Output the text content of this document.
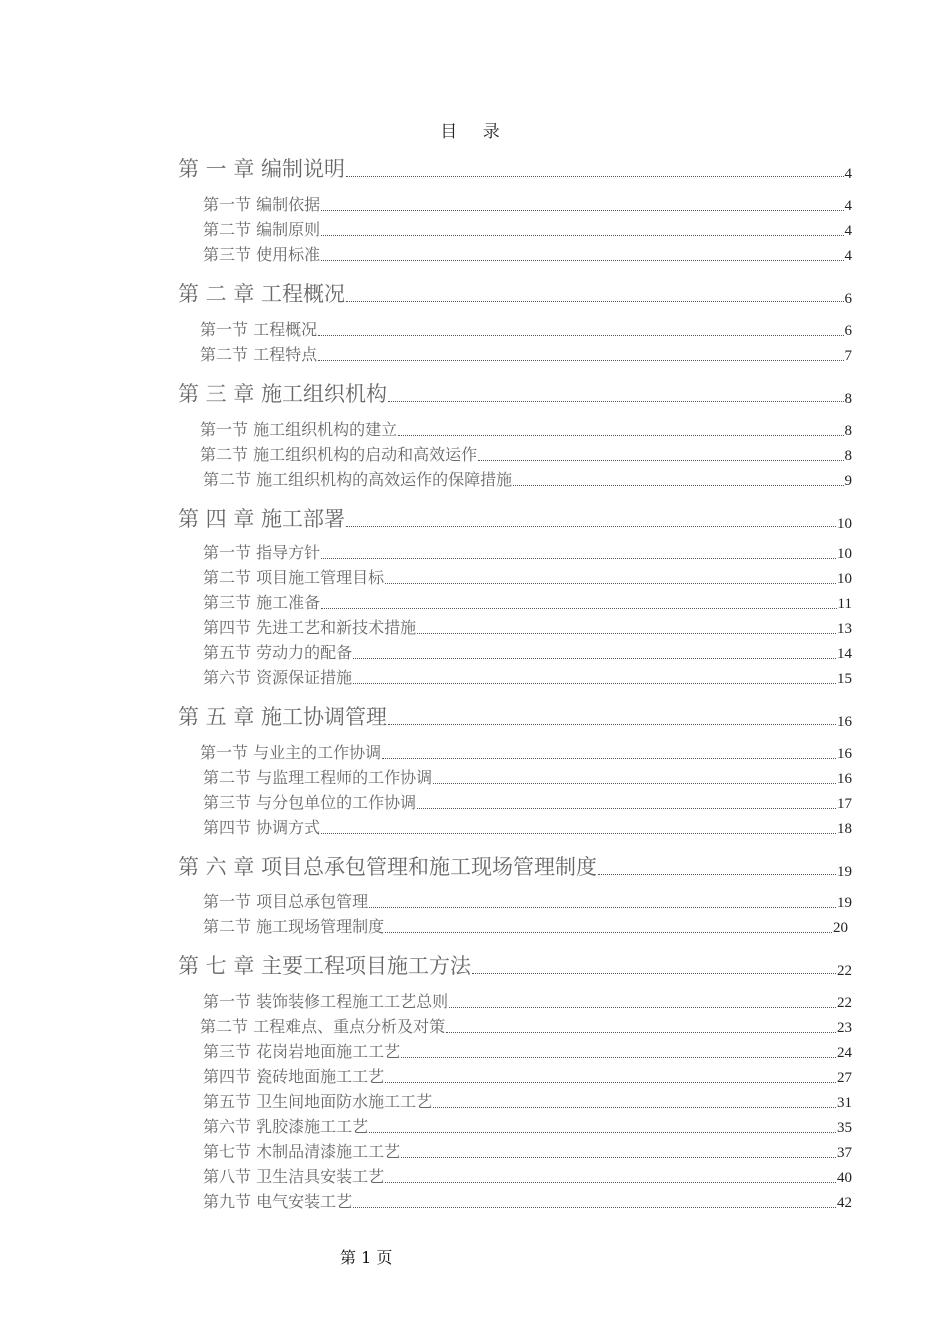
目 录
第 一 章 编制说明	4
第一节 编制依据	4
第二节 编制原则	4
第三节 使用标准	4
第 二 章 工程概况	6
第一节 工程概况	6
第二节 工程特点	7
第 三 章 施工组织机构	8
第一节 施工组织机构的建立	8
第二节 施工组织机构的启动和高效运作	8
第二节 施工组织机构的高效运作的保障措施	9
第 四 章 施工部署	10
第一节 指导方针	10
第二节 项目施工管理目标	10
第三节 施工准备	11
第四节 先进工艺和新技术措施	13
第五节 劳动力的配备	14
第六节 资源保证措施	15
第 五 章 施工协调管理	16
第一节 与业主的工作协调	16
第二节 与监理工程师的工作协调	16
第三节 与分包单位的工作协调	17
第四节 协调方式	18
第 六 章 项目总承包管理和施工现场管理制度	19
第一节 项目总承包管理	19
第二节 施工现场管理制度	20
第 七 章 主要工程项目施工方法	22
第一节 装饰装修工程施工工艺总则	22
第二节 工程难点、重点分析及对策	23
第三节 花岗岩地面施工工艺	24
第四节 瓷砖地面施工工艺	27
第五节 卫生间地面防水施工工艺	31
第六节 乳胶漆施工工艺	35
第七节 木制品清漆施工工艺	37
第八节 卫生洁具安装工艺	40
第九节 电气安装工艺	42
第 1 页
